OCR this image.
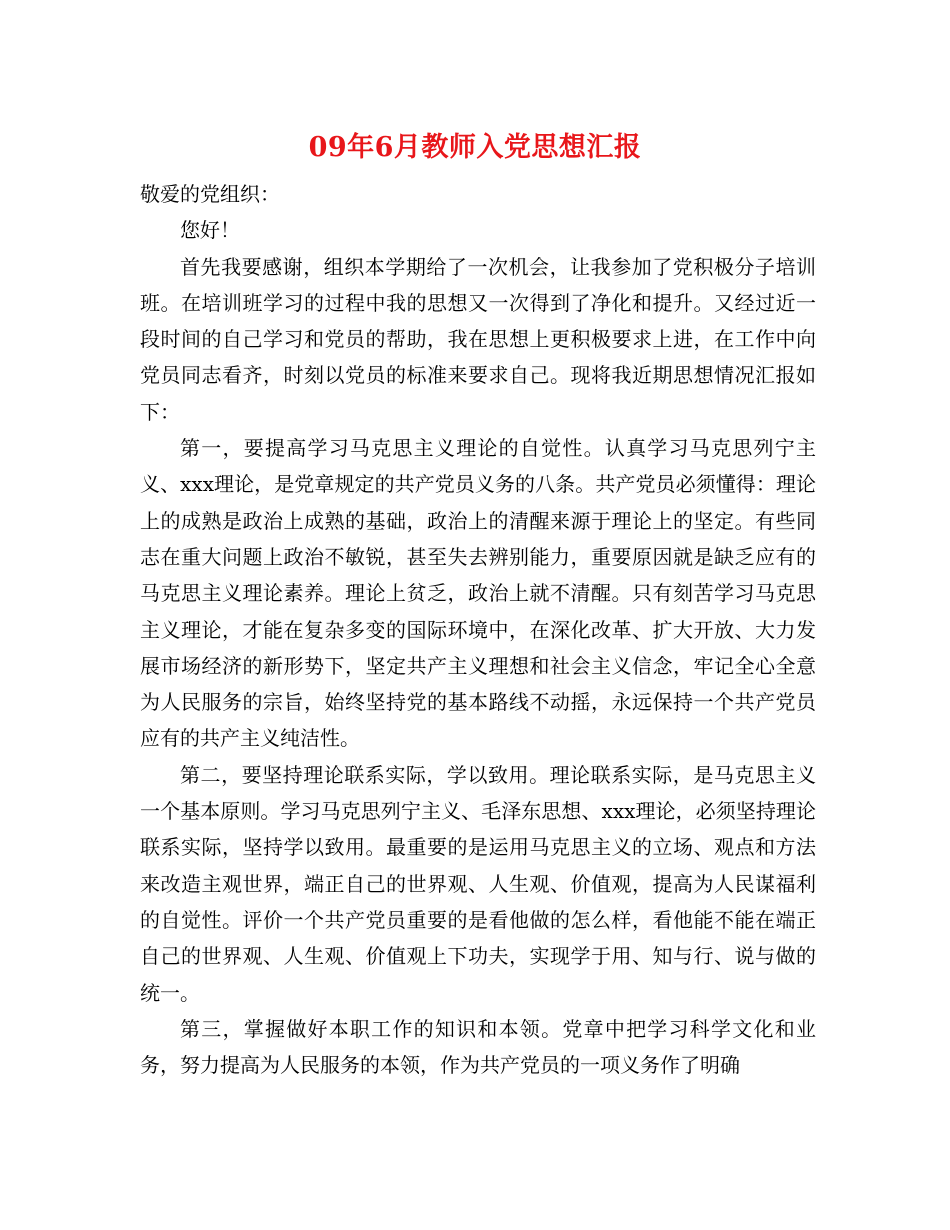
09年6月教师入党思想汇报

敬爱的党组织：

您好！

首先我要感谢，组织本学期给了一次机会，让我参加了党积极分子培训班。在培训班学习的过程中我的思想又一次得到了净化和提升。又经过近一段时间的自己学习和党员的帮助，我在思想上更积极要求上进，在工作中向党员同志看齐，时刻以党员的标准来要求自己。现将我近期思想情况汇报如下：

第一，要提高学习马克思主义理论的自觉性。认真学习马克思列宁主义、xxx理论，是党章规定的共产党员义务的八条。共产党员必须懂得：理论上的成熟是政治上成熟的基础，政治上的清醒来源于理论上的坚定。有些同志在重大问题上政治不敏锐，甚至失去辨别能力，重要原因就是缺乏应有的马克思主义理论素养。理论上贫乏，政治上就不清醒。只有刻苦学习马克思主义理论，才能在复杂多变的国际环境中，在深化改革、扩大开放、大力发展市场经济的新形势下，坚定共产主义理想和社会主义信念，牢记全心全意为人民服务的宗旨，始终坚持党的基本路线不动摇，永远保持一个共产党员应有的共产主义纯洁性。

第二，要坚持理论联系实际，学以致用。理论联系实际，是马克思主义一个基本原则。学习马克思列宁主义、毛泽东思想、xxx理论，必须坚持理论联系实际，坚持学以致用。最重要的是运用马克思主义的立场、观点和方法来改造主观世界，端正自己的世界观、人生观、价值观，提高为人民谋福利的自觉性。评价一个共产党员重要的是看他做的怎么样，看他能不能在端正自己的世界观、人生观、价值观上下功夫，实现学于用、知与行、说与做的统一。

第三，掌握做好本职工作的知识和本领。党章中把学习科学文化和业务，努力提高为人民服务的本领，作为共产党员的一项义务作了明确
